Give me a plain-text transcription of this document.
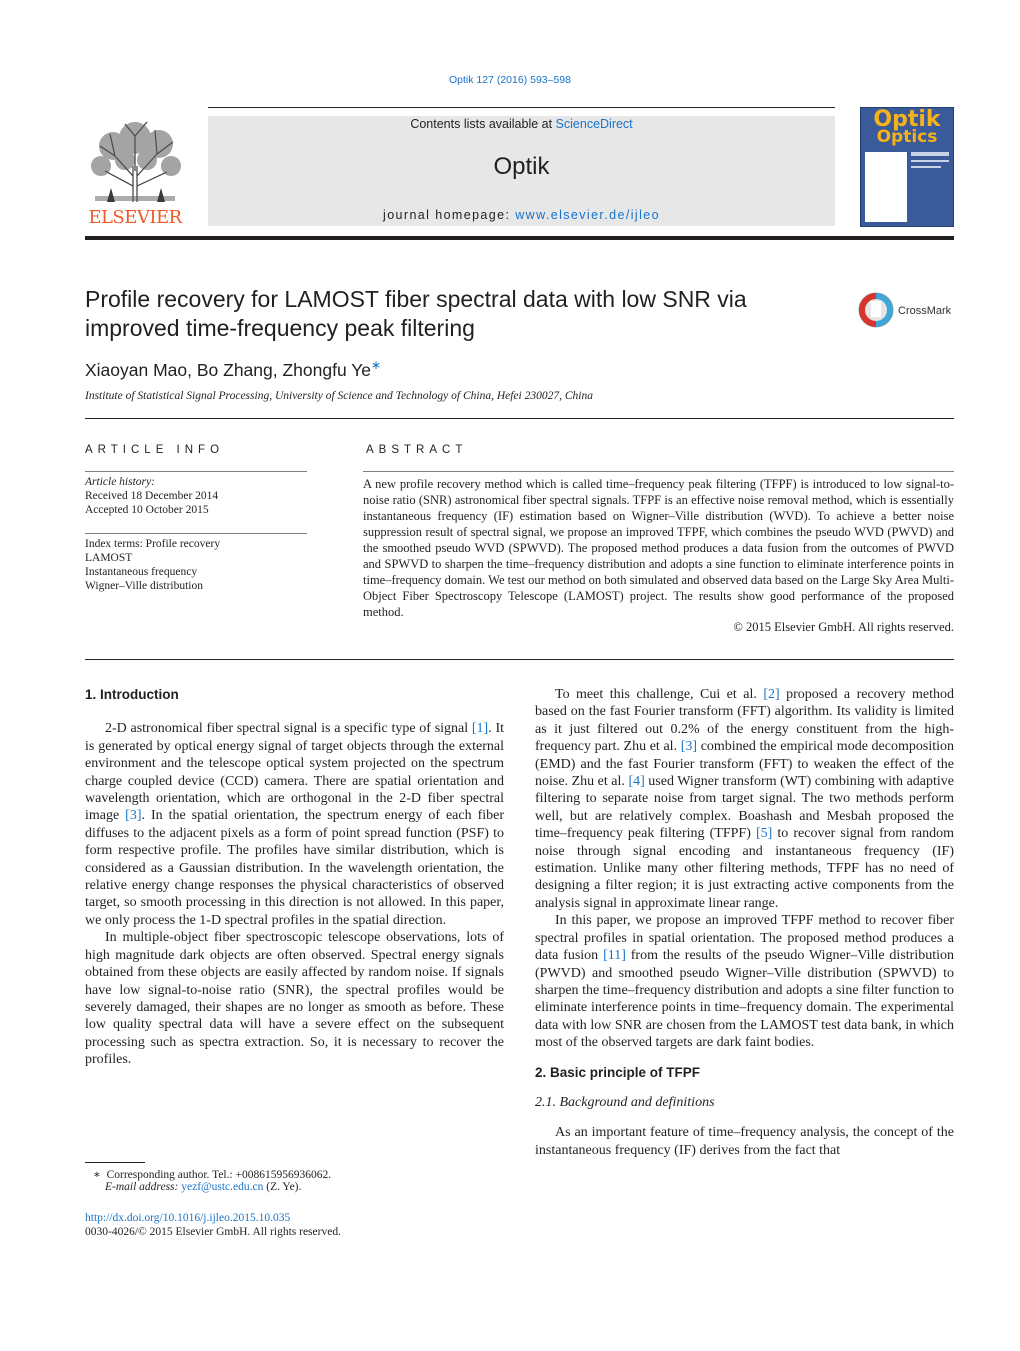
Optik 127 (2016) 593–598
ELSEVIER
Contents lists available at ScienceDirect
Optik
journal homepage: www.elsevier.de/ijleo
Optik
Optics
Profile recovery for LAMOST fiber spectral data with low SNR via
improved time-frequency peak filtering
CrossMark
Xiaoyan Mao, Bo Zhang, Zhongfu Ye∗
Institute of Statistical Signal Processing, University of Science and Technology of China, Hefei 230027, China
ARTICLE INFO
Article history:
Received 18 December 2014
Accepted 10 October 2015
Index terms: Profile recovery
LAMOST
Instantaneous frequency
Wigner–Ville distribution
ABSTRACT
A new profile recovery method which is called time–frequency peak filtering (TFPF) is introduced to low signal-to-noise ratio (SNR) astronomical fiber spectral signals. TFPF is an effective noise removal method, which is essentially instantaneous frequency (IF) estimation based on Wigner–Ville distribution (WVD). To achieve a better noise suppression result of spectral signal, we propose an improved TFPF, which combines the pseudo WVD (PWVD) and the smoothed pseudo WVD (SPWVD). The proposed method produces a data fusion from the outcomes of PWVD and SPWVD to sharpen the time–frequency distribution and adopts a sine function to eliminate interference points in time–frequency domain. We test our method on both simulated and observed data based on the Large Sky Area Multi-Object Fiber Spectroscopy Telescope (LAMOST) project. The results show good performance of the proposed method.
© 2015 Elsevier GmbH. All rights reserved.
1. Introduction

2-D astronomical fiber spectral signal is a specific type of signal [1]. It is generated by optical energy signal of target objects through the external environment and the telescope optical system projected on the spectrum charge coupled device (CCD) camera. There are spatial orientation and wavelength orientation, which are orthogonal in the 2-D fiber spectral image [3]. In the spatial orientation, the spectrum energy of each fiber diffuses to the adjacent pixels as a form of point spread function (PSF) to form respective profile. The profiles have similar distribution, which is considered as a Gaussian distribution. In the wavelength orientation, the relative energy change responses the physical characteristics of observed target, so smooth processing in this direction is not allowed. In this paper, we only process the 1-D spectral profiles in the spatial direction.

In multiple-object fiber spectroscopic telescope observations, lots of high magnitude dark objects are often observed. Spectral energy signals obtained from these objects are easily affected by random noise. If signals have low signal-to-noise ratio (SNR), the spectral profiles would be severely damaged, their shapes are no longer as smooth as before. These low quality spectral data will have a severe effect on the subsequent processing such as spectra extraction. So, it is necessary to recover the profiles.

To meet this challenge, Cui et al. [2] proposed a recovery method based on the fast Fourier transform (FFT) algorithm. Its validity is limited as it just filtered out 0.2% of the energy constituent from the high-frequency part. Zhu et al. [3] combined the empirical mode decomposition (EMD) and the fast Fourier transform (FFT) to weaken the effect of the noise. Zhu et al. [4] used Wigner transform (WT) combining with adaptive filtering to separate noise from target signal. The two methods perform well, but are relatively complex. Boashash and Mesbah proposed the time–frequency peak filtering (TFPF) [5] to recover signal from random noise through signal encoding and instantaneous frequency (IF) estimation. Unlike many other filtering methods, TFPF has no need of designing a filter region; it is just extracting active components from the analysis signal in approximate linear range.

In this paper, we propose an improved TFPF method to recover fiber spectral profiles in spatial orientation. The proposed method produces a data fusion [11] from the results of the pseudo Wigner–Ville distribution (PWVD) and smoothed pseudo Wigner–Ville distribution (SPWVD) to sharpen the time–frequency distribution and adopts a sine filter function to eliminate interference points in time–frequency domain. The experimental data with low SNR are chosen from the LAMOST test data bank, in which most of the observed targets are dark faint bodies.

2. Basic principle of TFPF
2.1. Background and definitions

As an important feature of time–frequency analysis, the concept of the instantaneous frequency (IF) derives from the fact that

∗ Corresponding author. Tel.: +008615956936062.
E-mail address: yezf@ustc.edu.cn (Z. Ye).
http://dx.doi.org/10.1016/j.ijleo.2015.10.035
0030-4026/© 2015 Elsevier GmbH. All rights reserved.
